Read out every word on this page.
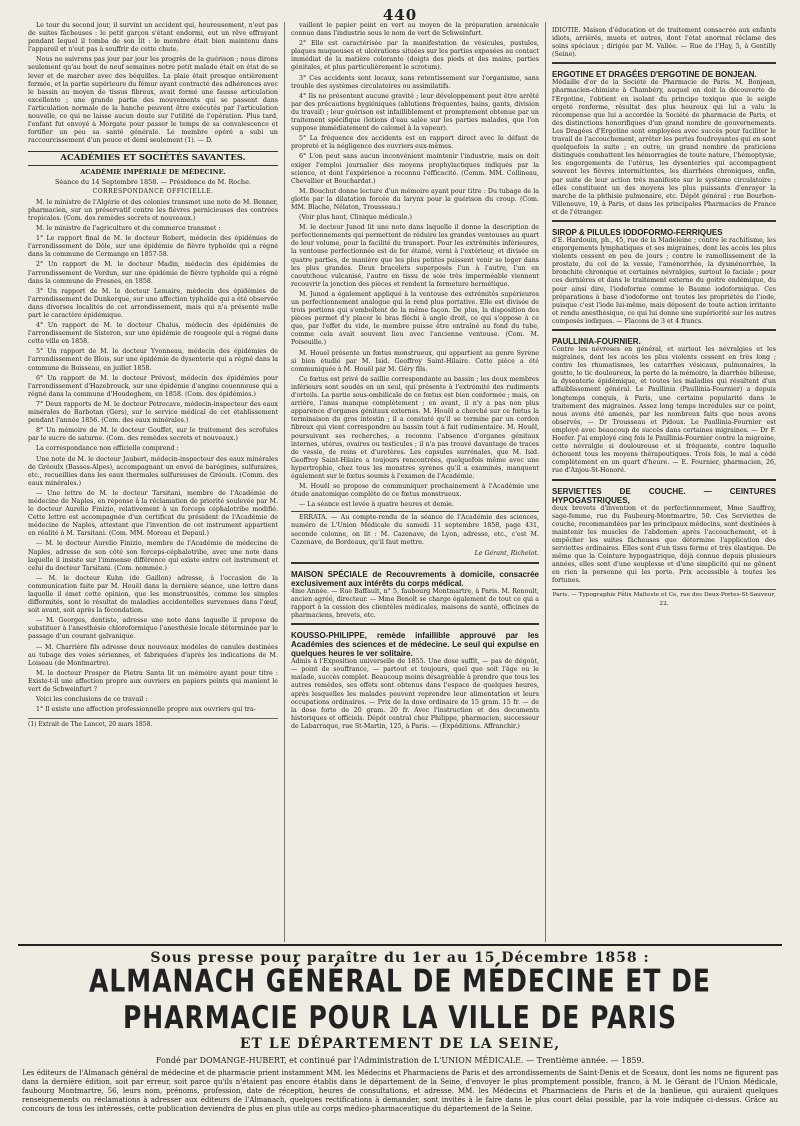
440

Le tour du second jour, il survint un accident qui, heureusement, n'eut pas de suites fâcheuses : le petit garçon s'étant endormi, eut un rêve effrayant pendant lequel il tomba de son lit : le membre était bien maintenu dans l'appareil et n'eut pas à souffrir de cette chute.

Nous ne suivrons pas jour par jour les progrès de la guérison ; nous dirons seulement qu'au bout de neuf semaines notre petit malade était en état de se lever et de marcher avec des béquilles. La plaie était presque entièrement fermée, et la partie supérieure du fémur ayant contracté des adhérences avec le bassin au moyen de tissus fibreux, avait formé une fausse articulation excellente ; une grande partie des mouvements qui se passent dans l'articulation normale de la hanche peuvent être exécutés par l'articulation nouvelle, ce qui ne laisse aucun doute sur l'utilité de l'opération. Plus tard, l'enfant fut envoyé à Morgate pour passer le temps de sa convalescence et fortifier un peu sa santé générale. Le membre opéré a subi un raccourcissement d'un pouce et demi seulement (1). — D.

ACADÉMIES ET SOCIÉTÉS SAVANTES.
ACADÉMIE IMPÉRIALE DE MÉDECINE.
Séance du 14 Septembre 1858. — Présidence de M. Roche.
CORRESPONDANCE OFFICIELLE.

M. le ministre de l'Algérie et des colonies transmet une note de M. Benner, pharmacien, sur un préservatif contre les fièvres pernicieuses des contrées tropicales. (Com. des remèdes secrets et nouveaux.)

M. le ministre de l'agriculture et du commerce transmet :

1° Le rapport final de M. le docteur Robert, médecin des épidémies de l'arrondissement de Dôle, sur une épidémie de fièvre typhoïde qui a régné dans la commune de Cermange en 1857-58.

2° Un rapport de M. le docteur Madin, médecin des épidémies de l'arrondissement de Verdun, sur une épidémie de fièvre typhoïde qui a régné dans la commune de Fresnes, en 1858.

3° Un rapport de M. le docteur Lemaire, médecin des épidémies de l'arrondissement de Dunkerque, sur une affection typhoïde qui a été observée dans diverses localités de cet arrondissement, mais qui n'a présenté nulle part le caractère épidémique.

4° Un rapport de M. le docteur Chalus, médecin des épidémies de l'arrondissement de Sisteron, sur une épidémie de rougeole qui a régné dans cette ville en 1858.

5° Un rapport de M. le docteur Yvonneau, médecin des épidémies de l'arrondissement de Blois, sur une épidémie de dysenterie qui a régné dans la commune de Boisseau, en juillet 1858.

6° Un rapport de M. le docteur Prévost, médecin des épidémies pour l'arrondissement d'Hazebrouck, sur une épidémie d'angine couenneuse qui a régné dans la commune d'Houdeghem, en 1858. (Com. des épidémies.)

7° Deux rapports de M. le docteur Petrecave, médecin-inspecteur des eaux minérales de Barbotan (Gers), sur le service médical de cet établissement pendant l'année 1856. (Com. des eaux minérales.)

8° Un mémoire de M. le docteur Gouffet, sur le traitement des scrofules par le sucre de saturne. (Com. des remèdes secrets et nouveaux.)

La correspondance non officielle comprend :

Une note de M. le docteur Jaubert, médecin-inspecteur des eaux minérales de Gréoulx (Basses-Alpes), accompagnant un envoi de barégines, sulfuraires, etc., recueillies dans les eaux thermales sulfureuses de Gréoulx. (Comm. des eaux minérales.)

— Une lettre de M. le docteur Tarsitani, membre de l'Académie de médecine de Naples, en réponse à la réclamation de priorité soulevée par M. le docteur Aurelio Finizio, relativement à un forceps céphalotribe modifié. Cette lettre est accompagnée d'un certificat du président de l'Académie de médecine de Naples, attestant que l'invention de cet instrument appartient en réalité à M. Tarsitani. (Com. MM. Moreau et Depaul.)

— M. le docteur Aurelio Finizio, membre de l'Académie de médecine de Naples, adresse de son côté son forceps-céphalotribe, avec une note dans laquelle il insiste sur l'immense différence qui existe entre cet instrument et celui du docteur Tarsitani. (Com. nommée.)

— M. le docteur Kuhn (de Gaillon) adresse, à l'occasion de la communication faite par M. Houël dans la dernière séance, une lettre dans laquelle il émet cette opinion, que les monstruosités, comme les simples difformités, sont le résultat de maladies accidentelles survenues dans l'œuf, soit avant, soit après la fécondation.

— M. Georges, dentiste, adresse une note dans laquelle il propose de substituer à l'anesthésie chloroformique l'anesthésie locale déterminée par le passage d'un courant galvanique.

— M. Charrière fils adresse deux nouveaux modèles de canules destinées au tubage des voies sériennes, et fabriquées d'après les indications de M. Loiseau (de Montmartre).

M. le docteur Prosper de Pietra Santa lit un mémoire ayant pour titre : Existe-t-il une affection propre aux ouvriers en papiers peints qui manient le vert de Schweinfurt ?

Voici les conclusions de ce travail :

1° Il existe une affection professionnelle propre aux ouvriers qui tra-

(1) Extrait de The Lancet, 20 mars 1858.

vaillent le papier peint en vert au moyen de la préparation arsenicale connue dans l'industrie sous le nom de vert de Schweinfurt.

2° Elle est caractérisée par la manifestation de vésicules, pustules, plaques muqueuses et ulcérations situées sur les parties exposées au contact immédiat de la matière colorante (doigts des pieds et des mains, parties génitales, et plus particulièrement le scrotum).

3° Ces accidents sont locaux, sans retentissement sur l'organisme, sans trouble des systèmes circulatoires ou assimilatifs.

4° Ils ne présentent aucune gravité ; leur développement peut être arrêté par des précautions hygiéniques (ablutions fréquentes, bains, gants, division du travail) ; leur guérison est infailliblement et promptement obtenue par un traitement spécifique (lotions d'eau salée sur les parties malades, que l'on suppose immédiatement de calomel à la vapeur).

5° La fréquence des accidents est en rapport direct avec le défaut de propreté et la négligence des ouvriers eux-mêmes.

6° L'on peut sans aucun inconvénient maintenir l'industrie, mais on doit exiger l'emploi journalier des moyens prophylactiques indiqués par la science, et dont l'expérience a reconnu l'efficacité. (Comm. MM. Collineau, Chevallier et Bouchardat.)

M. Bouchut donne lecture d'un mémoire ayant pour titre : Du tubage de la glotte par la dilatation forcée du larynx pour la guérison du croup. (Com. MM. Blache, Nélaton, Trousseau.)

(Voir plus haut, Clinique médicale.)

M. le docteur Junod lit une note dans laquelle il donne la description de perfectionnements qui permettent de réduire les grandes ventouses au quart de leur volume, pour la facilité du transport. Pour les extrémités inférieures, la ventouse perfectionnée est de fer étamé, verni à l'extérieur, et divisée en quatre parties, de manière que les plus petites puissent venir se loger dans les plus grandes. Deux bracelets superposés l'un à l'autre, l'un en caoutchouc vulcanisé, l'autre en tissu de soie très imperméable viennent recouvrir la jonction des pièces et rendent la fermeture hermétique.

M. Junod a également appliqué à la ventouse des extrémités supérieures un perfectionnement analogue qui la rend plus portative. Elle est divisée de trois portions qui s'emboîtent de la même façon. De plus, la disposition des pièces permet d'y placer le bras fléchi à angle droit, ce qui s'oppose à ce que, par l'effet du vide, le membre puisse être entraîné au fond du tube, comme cela avait souvent lieu avec l'ancienne ventouse. (Com. M. Poiseuille.)

M. Houel présente un fœtus monstrueux, qui appartient au genre Syrène si bien étudié par M. Isid. Geoffroy Saint-Hilaire. Cette pièce a été communiquée à M. Houël par M. Géry fils.

Ce fœtus est privé de saillie correspondante au bassin ; les deux membres inférieurs sont soudés en un seul, qui présente à l'extrémité des rudiments d'orteils. La partie sous-ombilicale de ce fœtus est bien conformée ; mais, on arrière, l'anus manque complètement ; en avant, il n'y a pas non plus apparence d'organes génitaux externes. M. Houël a cherché sur ce fœtus la terminaison du gros intestin ; il a constaté qu'il se termine par un cordon fibreux qui vient correspondre au bassin tout à fait rudimentaire. M. Houël, poursuivant ses recherches, a reconnu l'absence d'organes génitaux internes, utérus, ovaires ou testicules ; il n'a pas trouvé davantage de traces de vessie, de reins et d'uretères. Les capsules surrénales, que M. Isid. Geoffroy Saint-Hilaire a toujours rencontrées, quelquefois même avec une hypertrophie, chez tous les monstres syrènes qu'il a examinés, manquent également sur le fœtus soumis à l'examen de l'Académie.

M. Houël se propose de communiquer prochainement à l'Académie une étude anatomique complète de ce fœtus monstrueux.

— La séance est levée à quatre heures et demie.

ERRATA. — Au compte-rendu de la séance de l'Académie des sciences, numéro de L'Union Médicale du samedi 11 septembre 1858, page 431, seconde colonne, on lit : M. Cazenave, de Lyon, adresse, etc., c'est M. Cazenave, de Bordeaux, qu'il faut mettre.

Le Gérant, Richelot.
MAISON SPÉCIALE de Recouvrements à domicile, consacrée exclusivement aux intérêts du corps médical.

4me Année. — Rue Baffault, n° 5, faubourg Montmartre, à Paris. M. Renoult, ancien agréé, directeur. — Mme Benoît se charge également de tout ce qui a rapport à la cession des clientèles médicales, maisons de santé, officines de pharmaciens, brevets, etc.

KOUSSO-PHILIPPE, remède infaillible approuvé par les Académies des sciences et de médecine. Le seul qui expulse en quelques heures le ver solitaire.

Admis à l'Exposition universelle de 1855. Une dose suffit, — pas de dégoût, — point de souffrance, — partout et toujours, quel que soit l'âge ou le malade, succès complet. Beaucoup moins désagréable à prendre que tous les autres remèdes, ses effets sont obtenus dans l'espace de quelques heures, après lesquelles les malades peuvent reprendre leur alimentation et leurs occupations ordinaires. — Prix de la dose ordinaire de 15 gram. 15 fr. — de la dose forte de 20 gram. 20 fr. Avec l'instruction et des documents historiques et officiels. Dépôt central chez Philippe, pharmacien, successeur de Labarraque, rue St-Martin, 125, à Paris. — (Expéditions. Affranchir.)

IDIOTIE. Maison d'éducation et de traitement consacrée aux enfants idiots, arriérés, muets et autres, dont l'état anormal réclame des soins spéciaux ; dirigée par M. Vallée. — Rue de l'Hay, 5, à Gentilly (Seine).

ERGOTINE ET DRAGÉES D'ERGOTINE DE BONJEAN.

Médaille d'or de la Société de Pharmacie de Paris. M. Bonjean, pharmacien-chimiste à Chambéry, auquel on doit la découverte de l'Ergotine, l'obtient en isolant du principe toxique que le seigle ergoté renferme, résultat des plus heureux qui lui a valu la récompense que lui a accordée la Société de pharmacie de Paris, et des distinctions honorifiques d'un grand nombre de gouvernements. Les Dragées d'Ergotine sont employées avec succès pour faciliter le travail de l'accouchement, arrêter les pertes foudroyantes qui en sont quelquefois la suite ; en outre, un grand nombre de praticiens distingués combattent les hémorragies de toute nature, l'hémoptysie, les engorgements de l'utérus, les dysenteries qui accompagnent souvent les fièvres intermittentes, les diarrhées chroniques, enfin, par suite de leur action très manifeste sur le système circulatoire ; elles constituent un des moyens les plus puissants d'enrayer la marche de la phthisie pulmonaire, etc. Dépôt général : rue Bourbon-Villeneuve, 19, à Paris, et dans les principales Pharmacies de France et de l'étranger.

SIROP & PILULES IODOFORMO-FERRIQUES

d'E. Hardouin, ph., 45, rue de la Madeleine ; contre le rachitisme, les engorgements lymphatiques et ses migraines, dont les accès les plus violents cessent en peu de jours ; contre le ramollissement de la prostate, du col de la vessie, l'aménorrhée, la dysménorrhée, la bronchite chronique et certaines névralgies, surtout le faciale ; pour ces dernières et dans le traitement externe du goitre endémique, du pour ainsi dire, l'iodoforme comme le Baume iodoformique. Ces préparations à base d'iodoforme ont toutes les propriétés de l'iode, puisque c'est l'iode lui-même, mais déposent de toute action irritante et rendu anesthésique, ce qui lui donne une supériorité sur les autres composés iodiques. — Flacons de 3 et 4 francs.

PAULLINIA-FOURNIER.

Contre les névroses en général, et surtout les névralgies et les migraines, dont les accès les plus violents cessent en très long ; contre les rhumatismes, les catarrhes vésicaux, pulmonaires, la goutte, le tic douloureux, la perte de la mémoire, la diarrhée bilieuse, la dysenterie épidémique, et toutes les maladies qui résultent d'un affaiblissement général. Le Paullinia (Paullinia-Fournier) a depuis longtemps conquis, à Paris, une certaine popularité dans le traitement des migraines. Assez long temps incrédules sur ce point, nous avons été amenés, par les nombreux faits que nous avons observés, — Dr Trousseau et Pidoux. Le Paullinia-Fournier est employé avec beaucoup de succès dans certaines migraines. — Dr F. Hoefer. J'ai employé cinq fois le Paullinia-Fournier contre la migraine, cette névralgie si douloureuse et si fréquente, contre laquelle échouent tous les moyens thérapeutiques. Trois fois, le mal a cédé complètement en un quart d'heure. — E. Fournier, pharmacien, 26, rue d'Anjou-St-Honoré.

SERVIETTES DE COUCHE. — CEINTURES HYPOGASTRIQUES,

deux brevets d'invention et de perfectionnement, Mme Sauffroy, sage-femme, rue du Faubourg-Montmartre, 50. Ces Serviettes de couche, recommandées par les principaux médecins, sont destinées à maintenir les muscles de l'abdomen après l'accouchement, et à empêcher les suites fâcheuses que détermine l'application des serviettes ordinaires. Elles sont d'un tissu ferme et très élastique. De même que la Ceinture hypogastrique, déjà connue depuis plusieurs années, elles sont d'une souplesse et d'une simplicité qui ne gênent en rien la personne qui les porte. Prix accessible à toutes les fortunes.

Paris. — Typographie Félix Malteste et Ce, rue des Deux-Portes-St-Sauveur, 22.
Sous presse pour paraître du 1er au 15 Décembre 1858 :
ALMANACH GÉNÉRAL DE MÉDECINE ET DE PHARMACIE POUR LA VILLE DE PARIS
ET LE DÉPARTEMENT DE LA SEINE,
Fondé par DOMANGE-HUBERT, et continué par l'Administration de L'UNION MÉDICALE. — Trentième année. — 1859.
Les éditeurs de l'Almanach général de médecine et de pharmacie prient instamment MM. les Médecins et Pharmaciens de Paris et des arrondissements de Saint-Denis et de Sceaux, dont les noms ne figurent pas dans la dernière édition, soit par erreur, soit parce qu'ils n'étaient pas encore établis dans le département de la Seine, d'envoyer le plus promptement possible, franco, à M. le Gérant de l'Union Médicale, faubourg Montmartre, 56, leurs nom, prénoms, profession, date de réception, heures de consultations, et adresse. MM. les Médecins et Pharmaciens de Paris et de la banlieue, qui auraient quelques renseignements ou réclamations à adresser aux éditeurs de l'Almanach, quelques rectifications à demander, sont invités à le faire dans le plus court délai possible, par la voie indiquée ci-dessus. Grâce au concours de tous les intéressés, cette publication deviendra de plus en plus utile au corps médico-pharmaceutique du département de la Seine.
